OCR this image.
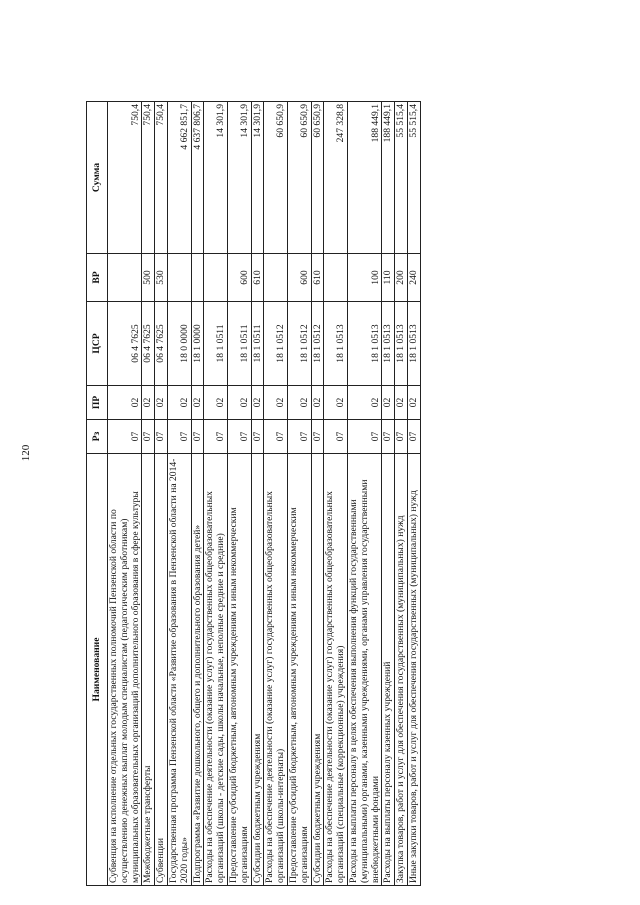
120
Наименование	Рз	ПР	ЦСР	ВР	Сумма
Субвенция на исполнение отдельных государственных полномочий Пензенской области по осуществлению денежных выплат молодым специалистам (педагогическим работникам) муниципальных образовательных организаций дополнительного образования в сфере культуры	07	02	06 4 7625		750,4
Межбюджетные трансферты	07	02	06 4 7625	500	750,4
Субвенции	07	02	06 4 7625	530	750,4
Государственная программа Пензенской области «Развитие образования в Пензенской области на 2014-2020 годы»	07	02	18 0 0000		4 662 851,7
Подпрограмма «Развитие дошкольного, общего и дополнительного образования детей»	07	02	18 1 0000		4 637 806,7
Расходы на обеспечение деятельности (оказание услуг) государственных общеобразовательных организаций (школы - детские сады, школы начальные, неполные средние и средние)	07	02	18 1 0511		14 301,9
Предоставление субсидий бюджетным, автономным учреждениям и иным некоммерческим организациям	07	02	18 1 0511	600	14 301,9
Субсидии бюджетным учреждениям	07	02	18 1 0511	610	14 301,9
Расходы на обеспечение деятельности (оказание услуг) государственных общеобразовательных организаций (школы-интернаты)	07	02	18 1 0512		60 650,9
Предоставление субсидий бюджетным, автономным учреждениям и иным некоммерческим организациям	07	02	18 1 0512	600	60 650,9
Субсидии бюджетным учреждениям	07	02	18 1 0512	610	60 650,9
Расходы на обеспечение деятельности (оказание услуг) государственных общеобразовательных организаций (специальные (коррекционные) учреждения)	07	02	18 1 0513		247 328,8
Расходы на выплаты персоналу в целях обеспечения выполнения функций государственными (муниципальными) органами, казенными учреждениями, органами управления государственными внебюджетными фондами	07	02	18 1 0513	100	188 449,1
Расходы на выплаты персоналу казенных учреждений	07	02	18 1 0513	110	188 449,1
Закупка товаров, работ и услуг для обеспечения государственных (муниципальных) нужд	07	02	18 1 0513	200	55 515,4
Иные закупки товаров, работ и услуг для обеспечения государственных (муниципальных) нужд	07	02	18 1 0513	240	55 515,4
